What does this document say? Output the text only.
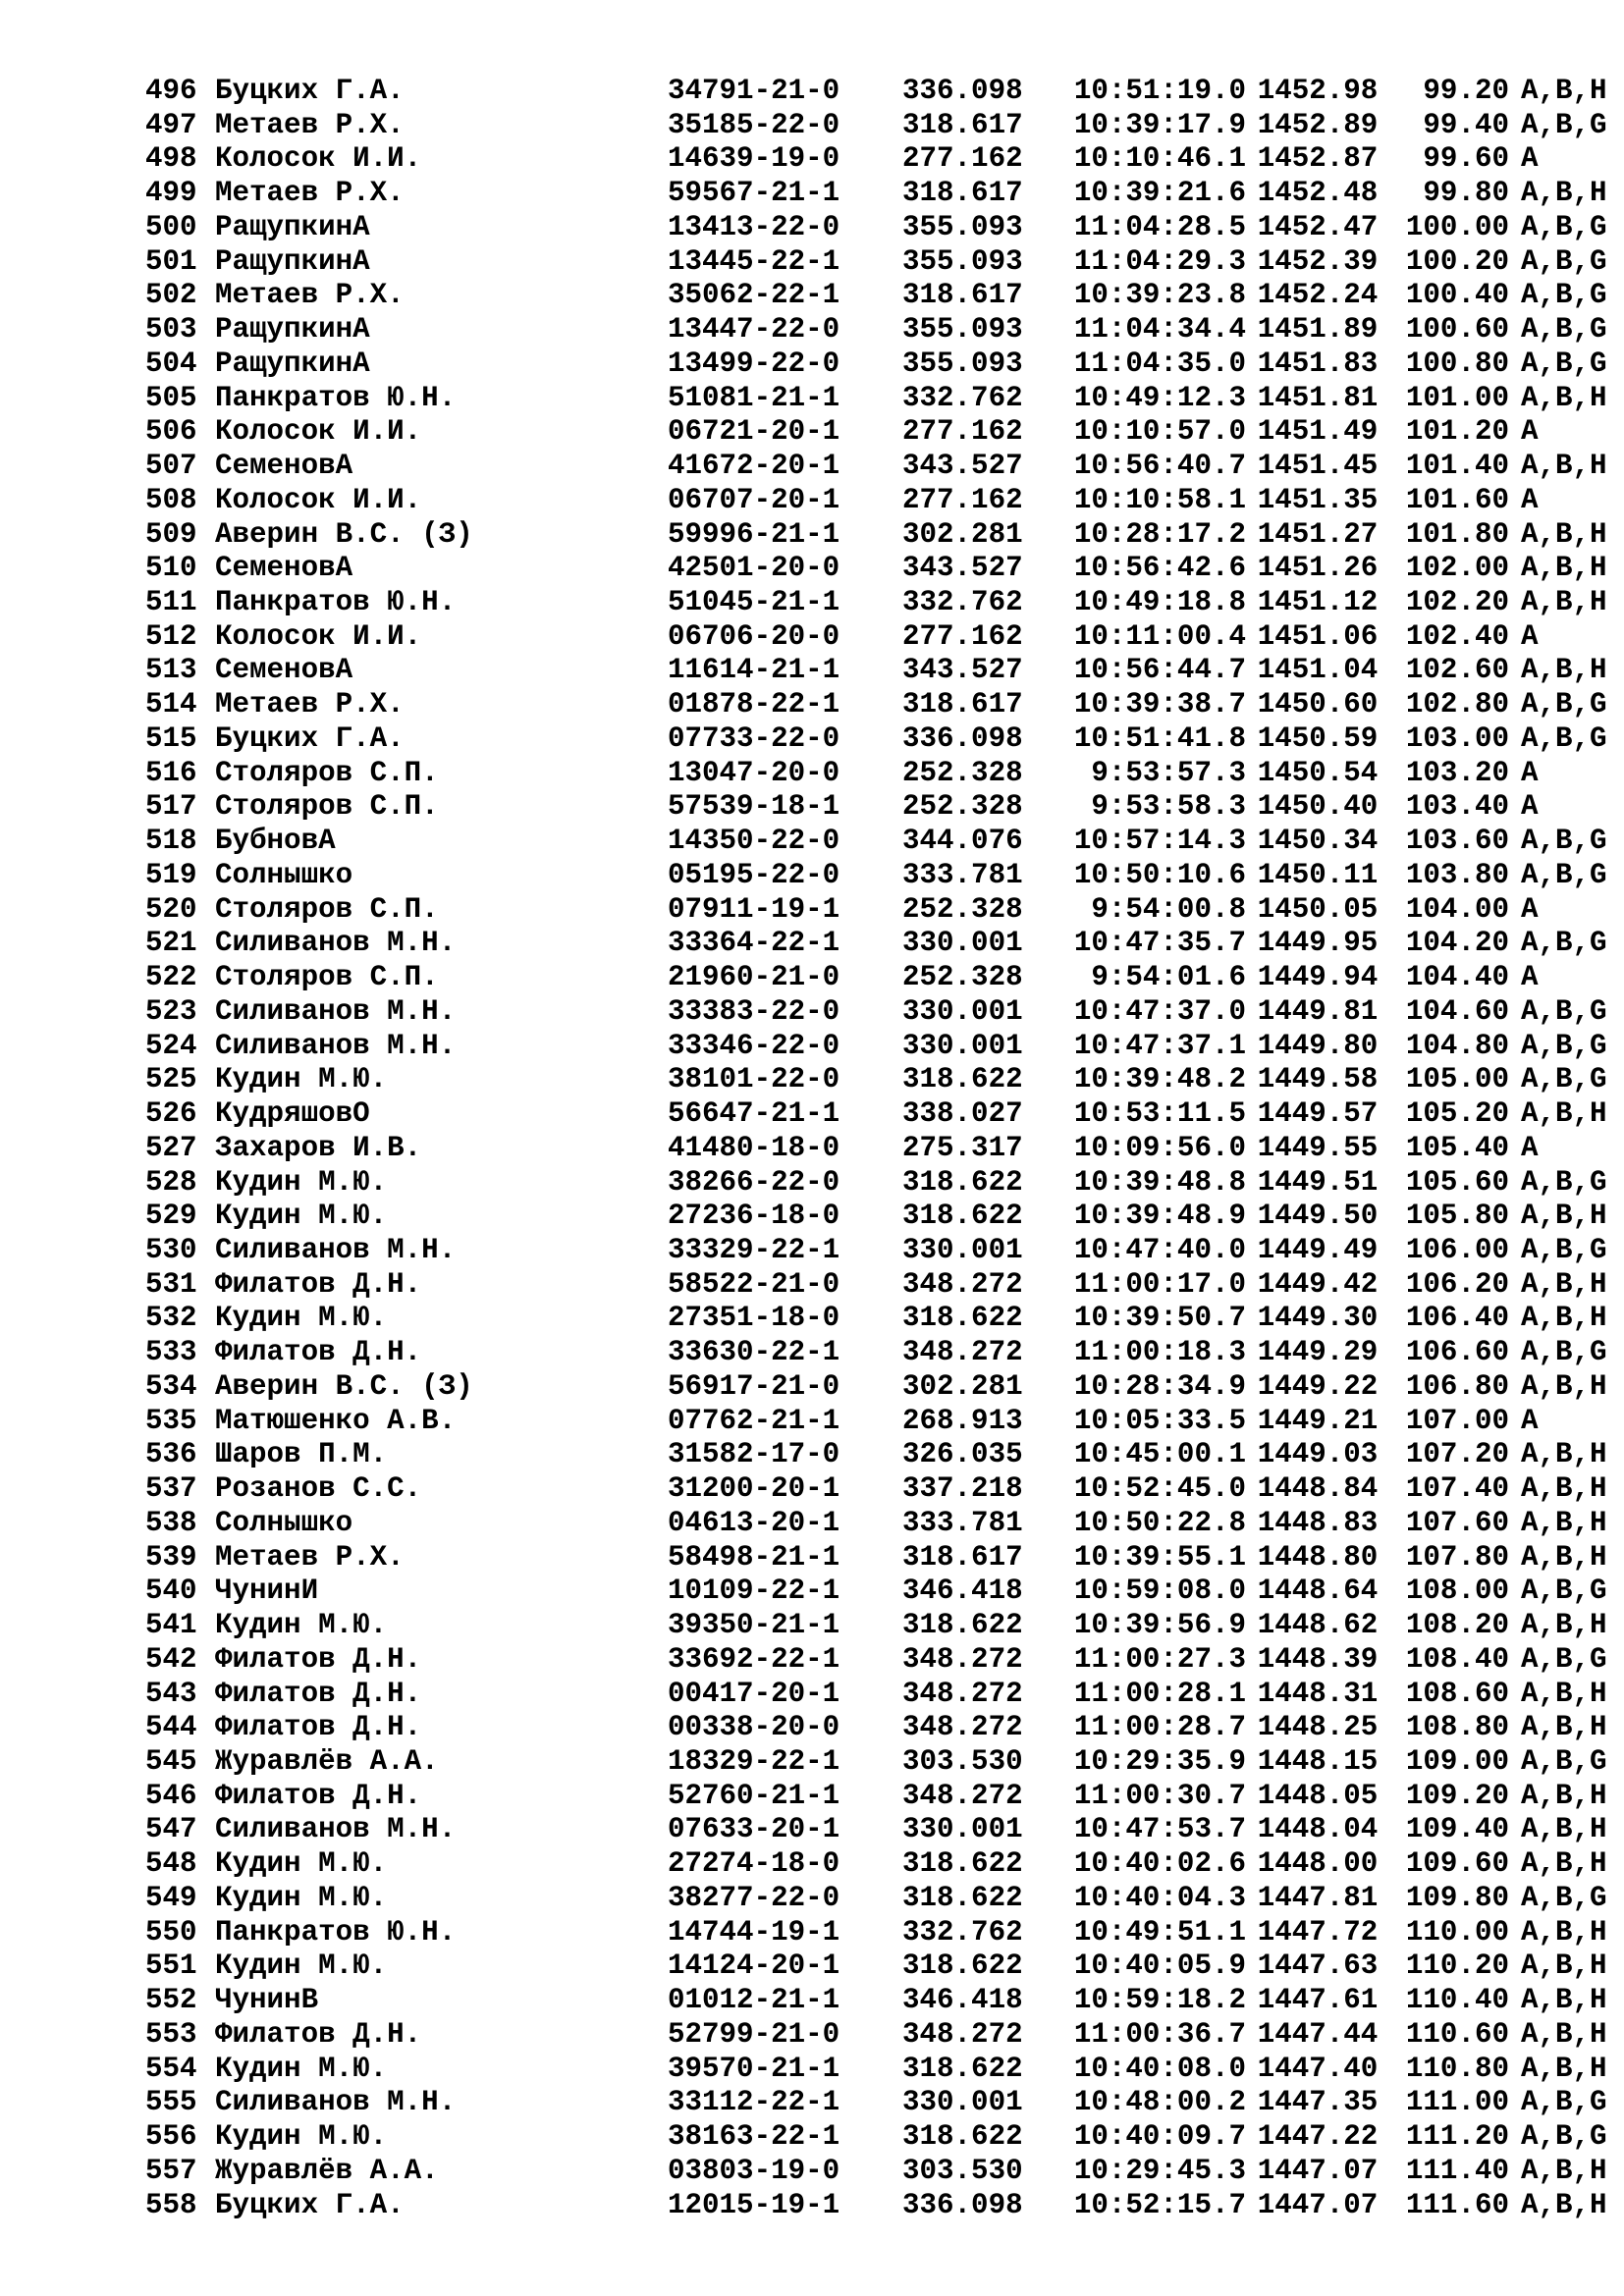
496 Буцких Г.А.	34791-21-0 336.098 10:51:19.0 1452.98 99.20 A,B,H
497 Метаев Р.Х.	35185-22-0 318.617 10:39:17.9 1452.89 99.40 A,B,G
498 Колосок И.И.	14639-19-0 277.162 10:10:46.1 1452.87 99.60 A
499 Метаев Р.Х.	59567-21-1 318.617 10:39:21.6 1452.48 99.80 A,B,H
500 РащупкинА	13413-22-0 355.093 11:04:28.5 1452.47 100.00 A,B,G
501 РащупкинА	13445-22-1 355.093 11:04:29.3 1452.39 100.20 A,B,G
502 Метаев Р.Х.	35062-22-1 318.617 10:39:23.8 1452.24 100.40 A,B,G
503 РащупкинА	13447-22-0 355.093 11:04:34.4 1451.89 100.60 A,B,G
504 РащупкинА	13499-22-0 355.093 11:04:35.0 1451.83 100.80 A,B,G
505 Панкратов Ю.Н.	51081-21-1 332.762 10:49:12.3 1451.81 101.00 A,B,H
506 Колосок И.И.	06721-20-1 277.162 10:10:57.0 1451.49 101.20 A
507 СеменовА	41672-20-1 343.527 10:56:40.7 1451.45 101.40 A,B,H
508 Колосок И.И.	06707-20-1 277.162 10:10:58.1 1451.35 101.60 A
509 Аверин В.С. (З)	59996-21-1 302.281 10:28:17.2 1451.27 101.80 A,B,H
510 СеменовА	42501-20-0 343.527 10:56:42.6 1451.26 102.00 A,B,H
511 Панкратов Ю.Н.	51045-21-1 332.762 10:49:18.8 1451.12 102.20 A,B,H
512 Колосок И.И.	06706-20-0 277.162 10:11:00.4 1451.06 102.40 A
513 СеменовА	11614-21-1 343.527 10:56:44.7 1451.04 102.60 A,B,H
514 Метаев Р.Х.	01878-22-1 318.617 10:39:38.7 1450.60 102.80 A,B,G
515 Буцких Г.А.	07733-22-0 336.098 10:51:41.8 1450.59 103.00 A,B,G
516 Столяров С.П.	13047-20-0 252.328 9:53:57.3 1450.54 103.20 A
517 Столяров С.П.	57539-18-1 252.328 9:53:58.3 1450.40 103.40 A
518 БубновА	14350-22-0 344.076 10:57:14.3 1450.34 103.60 A,B,G
519 Солнышко	05195-22-0 333.781 10:50:10.6 1450.11 103.80 A,B,G
520 Столяров С.П.	07911-19-1 252.328 9:54:00.8 1450.05 104.00 A
521 Силиванов М.Н.	33364-22-1 330.001 10:47:35.7 1449.95 104.20 A,B,G
522 Столяров С.П.	21960-21-0 252.328 9:54:01.6 1449.94 104.40 A
523 Силиванов М.Н.	33383-22-0 330.001 10:47:37.0 1449.81 104.60 A,B,G
524 Силиванов М.Н.	33346-22-0 330.001 10:47:37.1 1449.80 104.80 A,B,G
525 Кудин М.Ю.	38101-22-0 318.622 10:39:48.2 1449.58 105.00 A,B,G
526 КудряшовО	56647-21-1 338.027 10:53:11.5 1449.57 105.20 A,B,H
527 Захаров И.В.	41480-18-0 275.317 10:09:56.0 1449.55 105.40 A
528 Кудин М.Ю.	38266-22-0 318.622 10:39:48.8 1449.51 105.60 A,B,G
529 Кудин М.Ю.	27236-18-0 318.622 10:39:48.9 1449.50 105.80 A,B,H
530 Силиванов М.Н.	33329-22-1 330.001 10:47:40.0 1449.49 106.00 A,B,G
531 Филатов Д.Н.	58522-21-0 348.272 11:00:17.0 1449.42 106.20 A,B,H
532 Кудин М.Ю.	27351-18-0 318.622 10:39:50.7 1449.30 106.40 A,B,H
533 Филатов Д.Н.	33630-22-1 348.272 11:00:18.3 1449.29 106.60 A,B,G
534 Аверин В.С. (З)	56917-21-0 302.281 10:28:34.9 1449.22 106.80 A,B,H
535 Матюшенко А.В.	07762-21-1 268.913 10:05:33.5 1449.21 107.00 A
536 Шаров П.М.	31582-17-0 326.035 10:45:00.1 1449.03 107.20 A,B,H
537 Розанов С.С.	31200-20-1 337.218 10:52:45.0 1448.84 107.40 A,B,H
538 Солнышко	04613-20-1 333.781 10:50:22.8 1448.83 107.60 A,B,H
539 Метаев Р.Х.	58498-21-1 318.617 10:39:55.1 1448.80 107.80 A,B,H
540 ЧунинИ	10109-22-1 346.418 10:59:08.0 1448.64 108.00 A,B,G
541 Кудин М.Ю.	39350-21-1 318.622 10:39:56.9 1448.62 108.20 A,B,H
542 Филатов Д.Н.	33692-22-1 348.272 11:00:27.3 1448.39 108.40 A,B,G
543 Филатов Д.Н.	00417-20-1 348.272 11:00:28.1 1448.31 108.60 A,B,H
544 Филатов Д.Н.	00338-20-0 348.272 11:00:28.7 1448.25 108.80 A,B,H
545 Журавлёв А.А.	18329-22-1 303.530 10:29:35.9 1448.15 109.00 A,B,G
546 Филатов Д.Н.	52760-21-1 348.272 11:00:30.7 1448.05 109.20 A,B,H
547 Силиванов М.Н.	07633-20-1 330.001 10:47:53.7 1448.04 109.40 A,B,H
548 Кудин М.Ю.	27274-18-0 318.622 10:40:02.6 1448.00 109.60 A,B,H
549 Кудин М.Ю.	38277-22-0 318.622 10:40:04.3 1447.81 109.80 A,B,G
550 Панкратов Ю.Н.	14744-19-1 332.762 10:49:51.1 1447.72 110.00 A,B,H
551 Кудин М.Ю.	14124-20-1 318.622 10:40:05.9 1447.63 110.20 A,B,H
552 ЧунинВ	01012-21-1 346.418 10:59:18.2 1447.61 110.40 A,B,H
553 Филатов Д.Н.	52799-21-0 348.272 11:00:36.7 1447.44 110.60 A,B,H
554 Кудин М.Ю.	39570-21-1 318.622 10:40:08.0 1447.40 110.80 A,B,H
555 Силиванов М.Н.	33112-22-1 330.001 10:48:00.2 1447.35 111.00 A,B,G
556 Кудин М.Ю.	38163-22-1 318.622 10:40:09.7 1447.22 111.20 A,B,G
557 Журавлёв А.А.	03803-19-0 303.530 10:29:45.3 1447.07 111.40 A,B,H
558 Буцких Г.А.	12015-19-1 336.098 10:52:15.7 1447.07 111.60 A,B,H
